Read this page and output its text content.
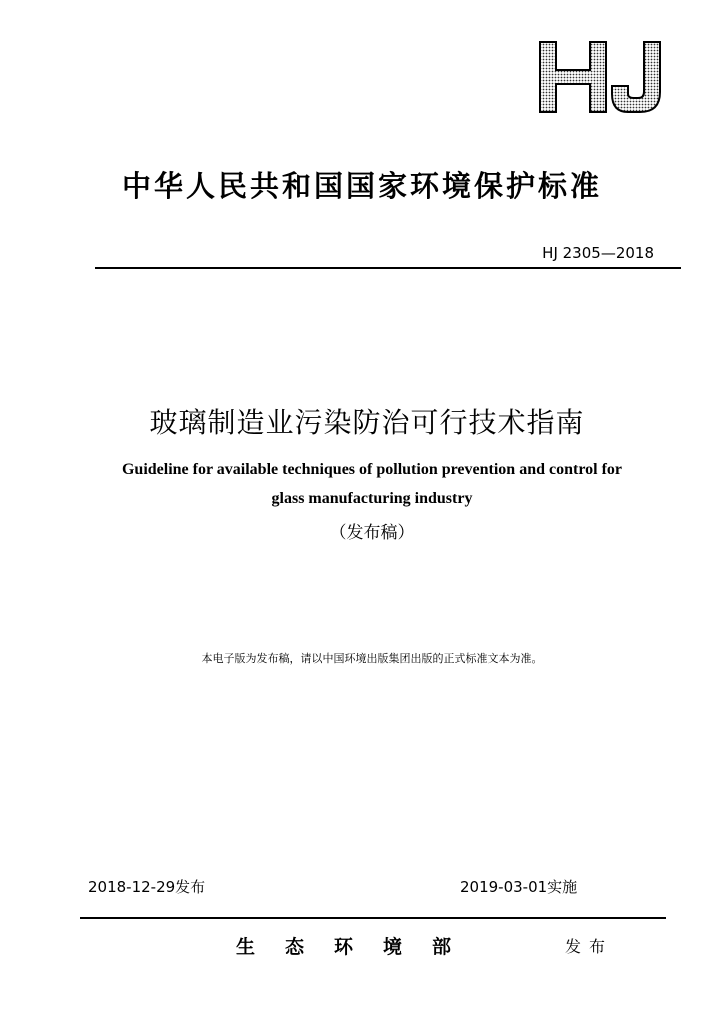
中华人民共和国国家环境保护标准
HJ 2305—2018
玻璃制造业污染防治可行技术指南
Guideline for available techniques of pollution prevention and control for
glass manufacturing industry
（发布稿）
本电子版为发布稿，请以中国环境出版集团出版的正式标准文本为准。
2018-12-29发布	2019-03-01实施
生态环境部	发布
